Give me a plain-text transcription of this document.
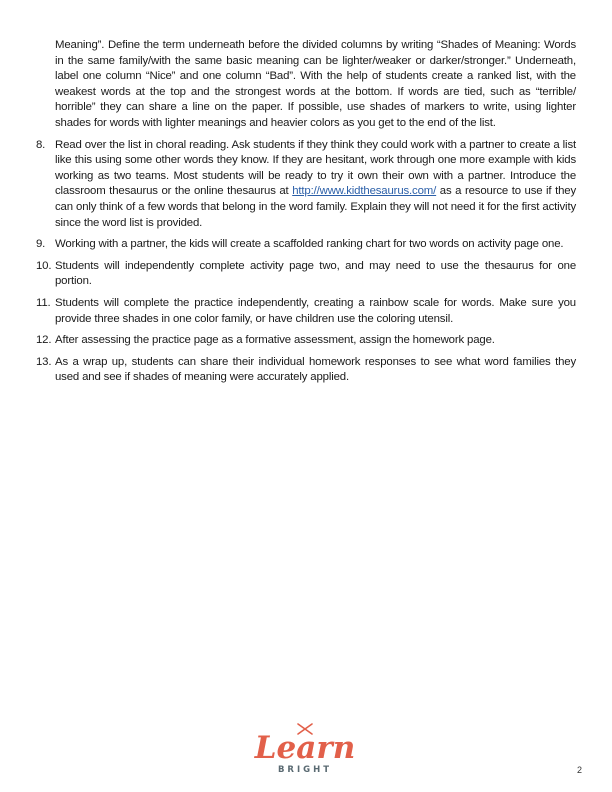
Meaning”. Define the term underneath before the divided columns by writing “Shades of Meaning: Words in the same family/with the same basic meaning can be lighter/weaker or darker/stronger.” Underneath, label one column “Nice” and one column “Bad”. With the help of students create a ranked list, with the weakest words at the top and the strongest words at the bottom. If words are tied, such as “terrible/ horrible” they can share a line on the paper. If possible, use shades of markers to write, using lighter shades for words with lighter meanings and heavier colors as you get to the end of the list.

8. Read over the list in choral reading. Ask students if they think they could work with a partner to create a list like this using some other words they know. If they are hesitant, work through one more example with kids working as two teams. Most students will be ready to try it own their own with a partner. Introduce the classroom thesaurus or the online thesaurus at http://www.kidthesaurus.com/ as a resource to use if they can only think of a few words that belong in the word family. Explain they will not need it for the first activity since the word list is provided.
9. Working with a partner, the kids will create a scaffolded ranking chart for two words on activity page one.
10. Students will independently complete activity page two, and may need to use the thesaurus for one portion.
11. Students will complete the practice independently, creating a rainbow scale for words. Make sure you provide three shades in one color family, or have children use the coloring utensil.
12. After assessing the practice page as a formative assessment, assign the homework page.
13. As a wrap up, students can share their individual homework responses to see what word families they used and see if shades of meaning were accurately applied.
Learn
BRIGHT	2
